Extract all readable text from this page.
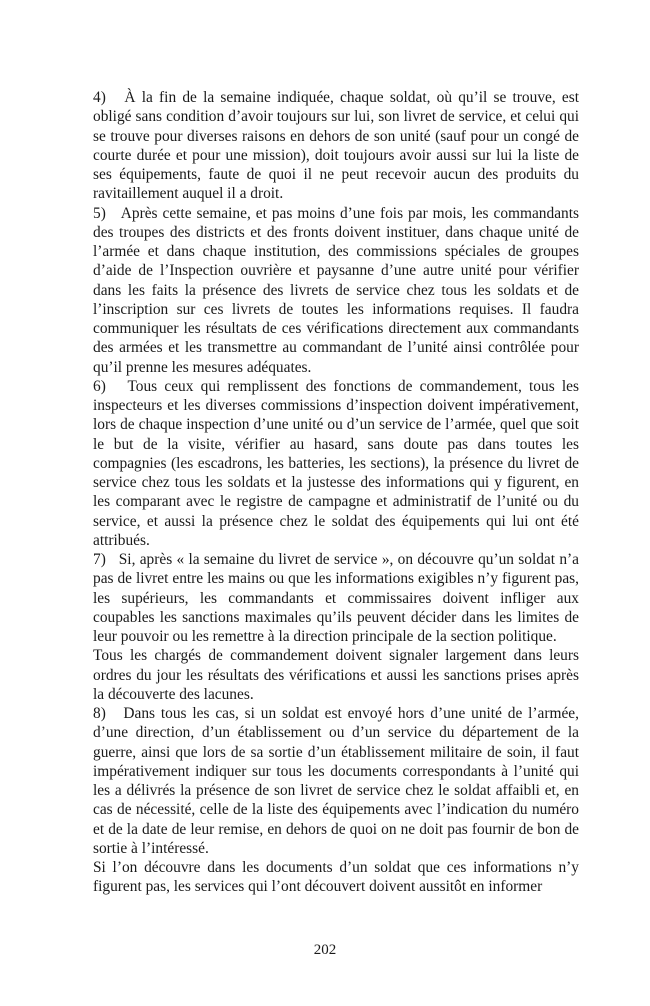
4)   À la fin de la semaine indiquée, chaque soldat, où qu’il se trouve, est obligé sans condition d’avoir toujours sur lui, son livret de service, et celui qui se trouve pour diverses raisons en dehors de son unité (sauf pour un congé de courte durée et pour une mission), doit toujours avoir aussi sur lui la liste de ses équipements, faute de quoi il ne peut recevoir aucun des produits du ravitaillement auquel il a droit.

5)   Après cette semaine, et pas moins d’une fois par mois, les commandants des troupes des districts et des fronts doivent instituer, dans chaque unité de l’armée et dans chaque institution, des commissions spéciales de groupes d’aide de l’Inspection ouvrière et paysanne d’une autre unité pour vérifier dans les faits la présence des livrets de service chez tous les soldats et de l’inscription sur ces livrets de toutes les informations requises. Il faudra communiquer les résultats de ces vérifications directement aux commandants des armées et les transmettre au commandant de l’unité ainsi contrôlée pour qu’il prenne les mesures adéquates.

6)   Tous ceux qui remplissent des fonctions de commandement, tous les inspecteurs et les diverses commissions d’inspection doivent impérativement, lors de chaque inspection d’une unité ou d’un service de l’armée, quel que soit le but de la visite, vérifier au hasard, sans doute pas dans toutes les compagnies (les escadrons, les batteries, les sections), la présence du livret de service chez tous les soldats et la justesse des informations qui y figurent, en les comparant avec le registre de campagne et administratif de l’unité ou du service, et aussi la présence chez le soldat des équipements qui lui ont été attribués.

7)   Si, après « la semaine du livret de service », on découvre qu’un soldat n’a pas de livret entre les mains ou que les informations exigibles n’y figurent pas, les supérieurs, les commandants et commissaires doivent infliger aux coupables les sanctions maximales qu’ils peuvent décider dans les limites de leur pouvoir ou les remettre à la direction principale de la section politique.

Tous les chargés de commandement doivent signaler largement dans leurs ordres du jour les résultats des vérifications et aussi les sanctions prises après la découverte des lacunes.

8)   Dans tous les cas, si un soldat est envoyé hors d’une unité de l’armée, d’une direction, d’un établissement ou d’un service du département de la guerre, ainsi que lors de sa sortie d’un établissement militaire de soin, il faut impérativement indiquer sur tous les documents correspondants à l’unité qui les a délivrés la présence de son livret de service chez le soldat affaibli et, en cas de nécessité, celle de la liste des équipements avec l’indication du numéro et de la date de leur remise, en dehors de quoi on ne doit pas fournir de bon de sortie à l’intéressé.

Si l’on découvre dans les documents d’un soldat que ces informations n’y figurent pas, les services qui l’ont découvert doivent aussitôt en informer

202
